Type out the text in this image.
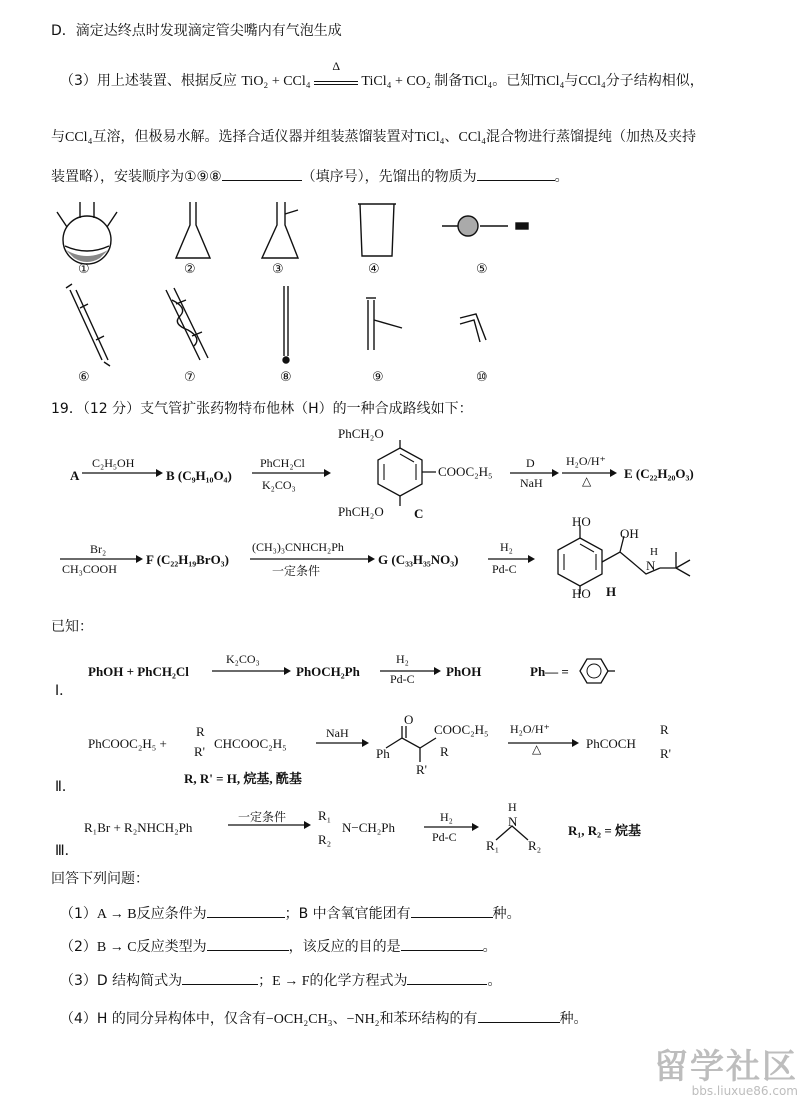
D．滴定达终点时发现滴定管尖嘴内有气泡生成
（3）用上述装置、根据反应 TiO₂ + CCl₄
Δ
TiCl₄ + CO₂ 制备TiCl₄。已知TiCl₄与CCl₄分子结构相似，
与CCl₄互溶，但极易水解。选择合适仪器并组装蒸馏装置对TiCl₄、CCl₄混合物进行蒸馏提纯（加热及夹持
装置略），安装顺序为①⑨⑧	（填序号），先馏出的物质为	。
①	②	③	④	⑤
⑥	⑦	⑧	⑨	⑩
19．（12 分）支气管扩张药物特布他林（H）的一种合成路线如下：
A
C₂H₅OH
B (C₉H₁₀O₄)
PhCH₂Cl
K₂CO₃
PhCH₂O
COOC₂H₅
PhCH₂O C
D
NaH
H₂O/H⁺
△	E (C₂₂H₂₀O₃)
Br₂
CH₃COOH
F (C₂₂H₁₉BrO₃)
(CH₃)₃CNHCH₂Ph
一定条件
G (C₃₃H₃₅NO₃)
H₂
Pd-C
HO
HO
OH
N
H
H
已知：
PhOH + PhCH₂Cl
K₂CO₃
PhOCH₂Ph
H₂
Pd-C PhOH	Ph— =
Ⅰ．
PhCOOC₂H₅ +
R
R'
CHCOOC₂H₅
NaH
O
Ph
COOC₂H₅
R
R'
H₂O/H⁺
△	PhCOCH
R
R'
R, R' = H, 烷基, 酰基
Ⅱ．
R₁Br + R₂NHCH₂Ph
一定条件 R₁
R₂
N−CH₂Ph
H₂
Pd-C
H
N
R₁ R₂
R₁, R₂ = 烷基
Ⅲ．
回答下列问题：
（1）A → B反应条件为	；B 中含氧官能团有	种。
（2）B → C反应类型为	，该反应的目的是	。
（3）D 结构简式为	；E → F的化学方程式为	。
（4）H 的同分异构体中，仅含有−OCH₂CH₃、−NH₂和苯环结构的有	种。
留学社区
bbs.liuxue86.com
